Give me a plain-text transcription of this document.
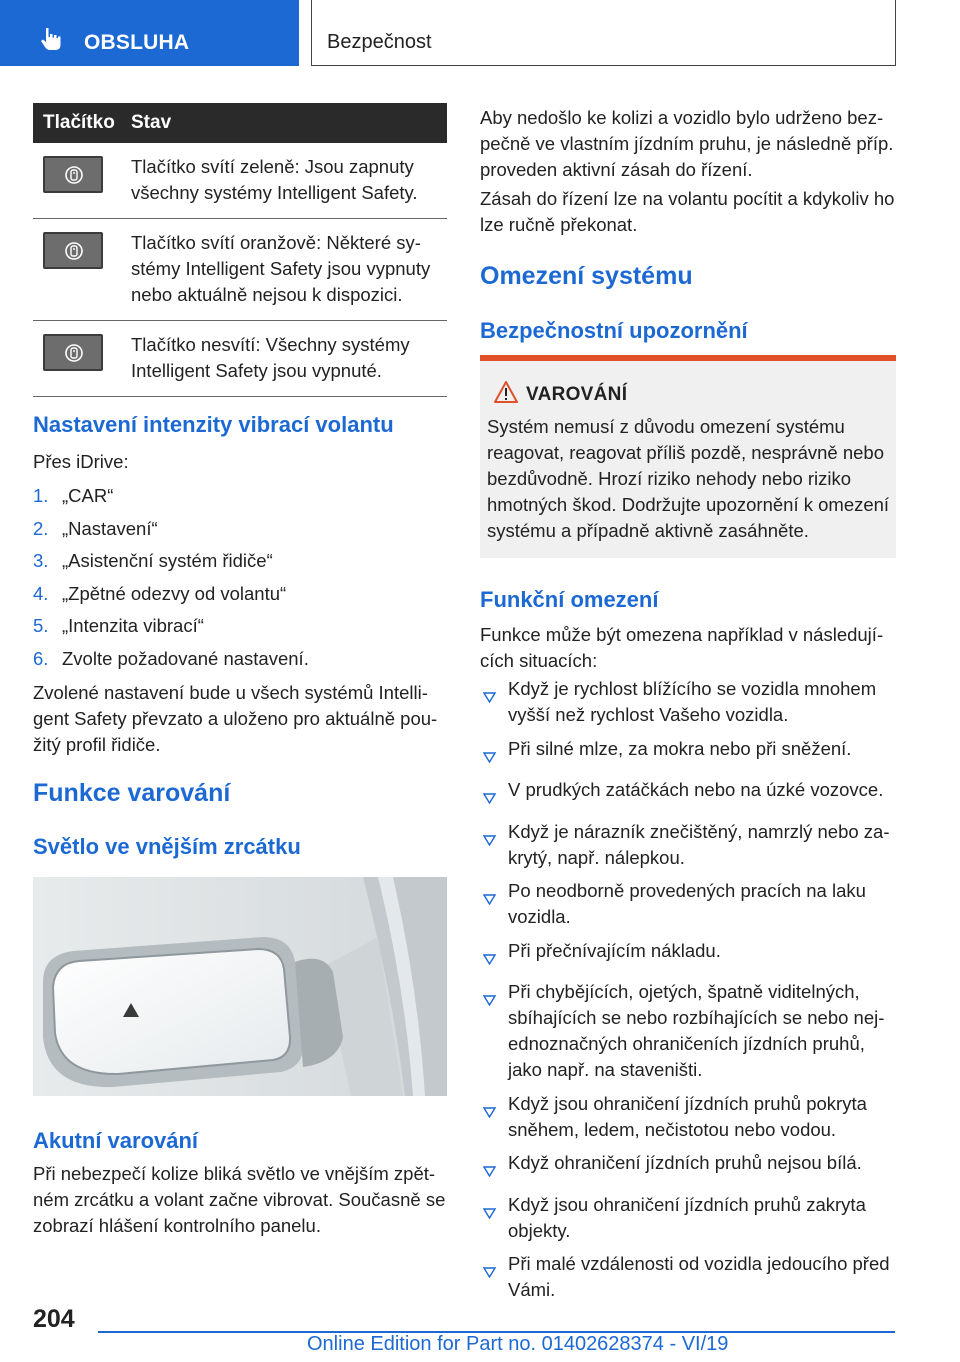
OBSLUHA	Bezpečnost
Tlačítko Stav
Tlačítko svítí zeleně: Jsou zapnuty všechny systémy Intelligent Safety.
Tlačítko svítí oranžově: Některé systémy Intelligent Safety jsou vypnuty nebo aktuálně nejsou k dispozici.
Tlačítko nesvítí: Všechny systémy Intelligent Safety jsou vypnuté.
Nastavení intenzity vibrací volantu
Přes iDrive:
1. „CAR“
2. „Nastavení“
3. „Asistenční systém řidiče“
4. „Zpětné odezvy od volantu“
5. „Intenzita vibrací“
6. Zvolte požadované nastavení.
Zvolené nastavení bude u všech systémů Intelligent Safety převzato a uloženo pro aktuálně použitý profil řidiče.
Funkce varování
Světlo ve vnějším zrcátku
Akutní varování
Při nebezpečí kolize bliká světlo ve vnějším zpětném zrcátku a volant začne vibrovat. Současně se zobrazí hlášení kontrolního panelu.
Aby nedošlo ke kolizi a vozidlo bylo udrženo bezpečně ve vlastním jízdním pruhu, je následně příp. proveden aktivní zásah do řízení.
Zásah do řízení lze na volantu pocítit a kdykoliv ho lze ručně překonat.
Omezení systému
Bezpečnostní upozornění
VAROVÁNÍ
Systém nemusí z důvodu omezení systému reagovat, reagovat příliš pozdě, nesprávně nebo bezdůvodně. Hrozí riziko nehody nebo riziko hmotných škod. Dodržujte upozornění k omezení systému a případně aktivně zasáhněte.
Funkční omezení
Funkce může být omezena například v následujících situacích:
Když je rychlost blížícího se vozidla mnohem vyšší než rychlost Vašeho vozidla.
Při silné mlze, za mokra nebo při sněžení.
V prudkých zatáčkách nebo na úzké vozovce.
Když je nárazník znečištěný, namrzlý nebo zakrytý, např. nálepkou.
Po neodborně provedených pracích na laku vozidla.
Při přečnívajícím nákladu.
Při chybějících, ojetých, špatně viditelných, sbíhajících se nebo rozbíhajících se nebo nejednoznačných ohraničeních jízdních pruhů, jako např. na staveništi.
Když jsou ohraničení jízdních pruhů pokryta sněhem, ledem, nečistotou nebo vodou.
Když ohraničení jízdních pruhů nejsou bílá.
Když jsou ohraničení jízdních pruhů zakryta objekty.
Při malé vzdálenosti od vozidla jedoucího před Vámi.
204
Online Edition for Part no. 01402628374 - VI/19
